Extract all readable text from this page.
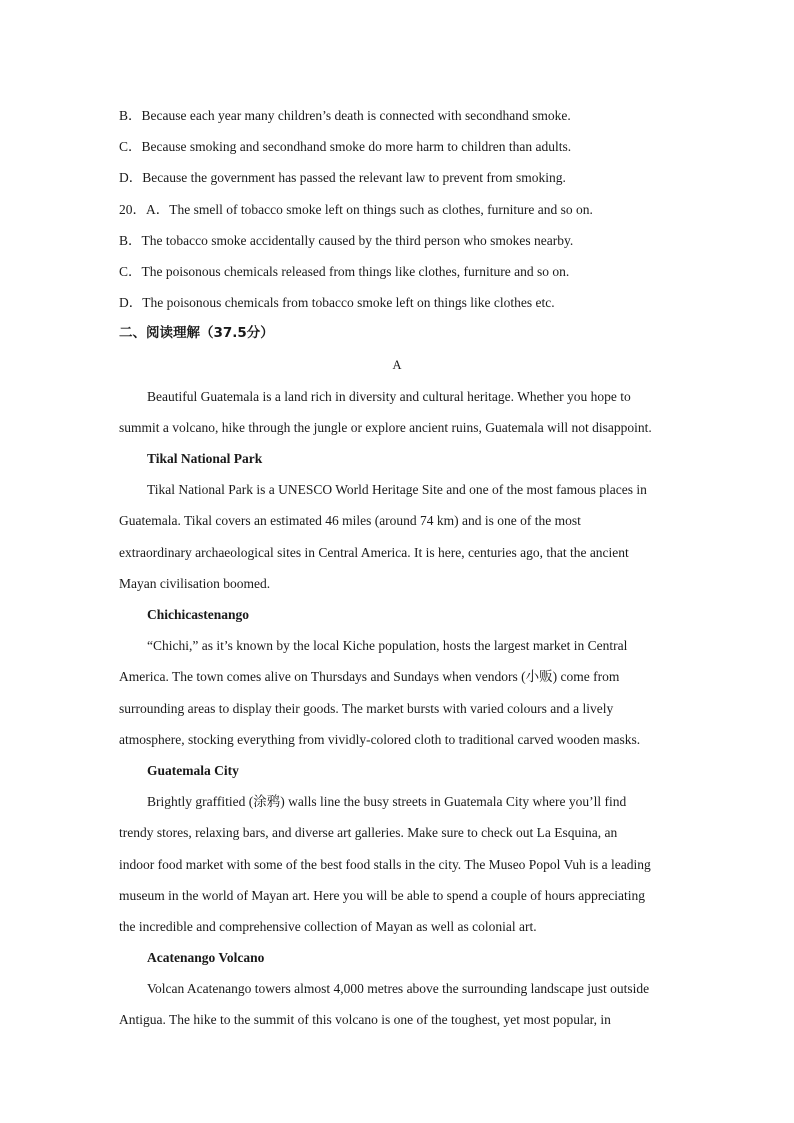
B．Because each year many children’s death is connected with secondhand smoke.
C．Because smoking and secondhand smoke do more harm to children than adults.
D．Because the government has passed the relevant law to prevent from smoking.
20．A．The smell of tobacco smoke left on things such as clothes, furniture and so on.
B．The tobacco smoke accidentally caused by the third person who smokes nearby.
C．The poisonous chemicals released from things like clothes, furniture and so on.
D．The poisonous chemicals from tobacco smoke left on things like clothes etc.
二、阅读理解（37.5分）
A
Beautiful Guatemala is a land rich in diversity and cultural heritage. Whether you hope to
summit a volcano, hike through the jungle or explore ancient ruins, Guatemala will not disappoint.
Tikal National Park
Tikal National Park is a UNESCO World Heritage Site and one of the most famous places in
Guatemala. Tikal covers an estimated 46 miles (around 74 km) and is one of the most
extraordinary archaeological sites in Central America. It is here, centuries ago, that the ancient
Mayan civilisation boomed.
Chichicastenango
“Chichi,” as it’s known by the local Kiche population, hosts the largest market in Central
America. The town comes alive on Thursdays and Sundays when vendors (小贩) come from
surrounding areas to display their goods. The market bursts with varied colours and a lively
atmosphere, stocking everything from vividly-colored cloth to traditional carved wooden masks.
Guatemala City
Brightly graffitied (涂鸦) walls line the busy streets in Guatemala City where you’ll find
trendy stores, relaxing bars, and diverse art galleries. Make sure to check out La Esquina, an
indoor food market with some of the best food stalls in the city. The Museo Popol Vuh is a leading
museum in the world of Mayan art. Here you will be able to spend a couple of hours appreciating
the incredible and comprehensive collection of Mayan as well as colonial art.
Acatenango Volcano
Volcan Acatenango towers almost 4,000 metres above the surrounding landscape just outside
Antigua. The hike to the summit of this volcano is one of the toughest, yet most popular, in
